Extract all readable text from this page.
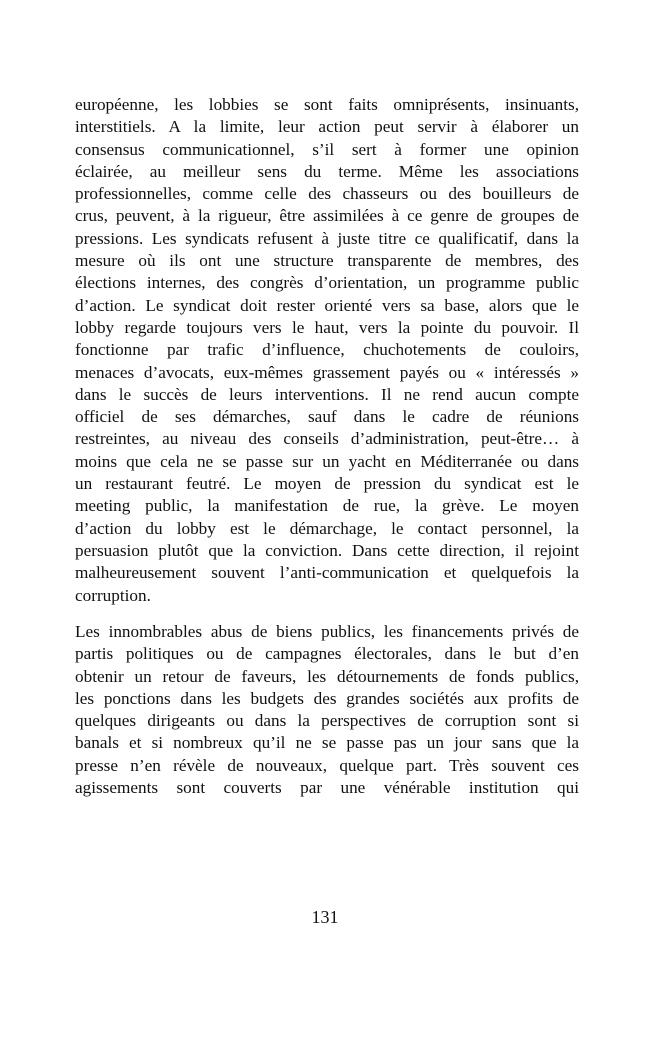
européenne, les lobbies se sont faits omniprésents, insinuants,
interstitiels. A la limite, leur action peut servir à élaborer un
consensus communicationnel, s’il sert à former une opinion
éclairée, au meilleur sens du terme. Même les associations
professionnelles, comme celle des chasseurs ou des bouilleurs de
crus, peuvent, à la rigueur, être assimilées à ce genre de groupes de
pressions. Les syndicats refusent à juste titre ce qualificatif, dans la
mesure où ils ont une structure transparente de membres, des
élections internes, des congrès d’orientation, un programme public
d’action. Le syndicat doit rester orienté vers sa base, alors que le
lobby regarde toujours vers le haut, vers la pointe du pouvoir. Il
fonctionne par trafic d’influence, chuchotements de couloirs,
menaces d’avocats, eux-mêmes grassement payés ou « intéressés »
dans le succès de leurs interventions. Il ne rend aucun compte
officiel de ses démarches, sauf dans le cadre de réunions
restreintes, au niveau des conseils d’administration, peut-être… à
moins que cela ne se passe sur un yacht en Méditerranée ou dans
un restaurant feutré. Le moyen de pression du syndicat est le
meeting public, la manifestation de rue, la grève. Le moyen
d’action du lobby est le démarchage, le contact personnel, la
persuasion plutôt que la conviction. Dans cette direction, il rejoint
malheureusement souvent l’anti-communication et quelquefois la
corruption.
Les innombrables abus de biens publics, les financements privés de
partis politiques ou de campagnes électorales, dans le but d’en
obtenir un retour de faveurs, les détournements de fonds publics,
les ponctions dans les budgets des grandes sociétés aux profits de
quelques dirigeants ou dans la perspectives de corruption sont si
banals et si nombreux qu’il ne se passe pas un jour sans que la
presse n’en révèle de nouveaux, quelque part. Très souvent ces
agissements sont couverts par une vénérable institution qui
131
